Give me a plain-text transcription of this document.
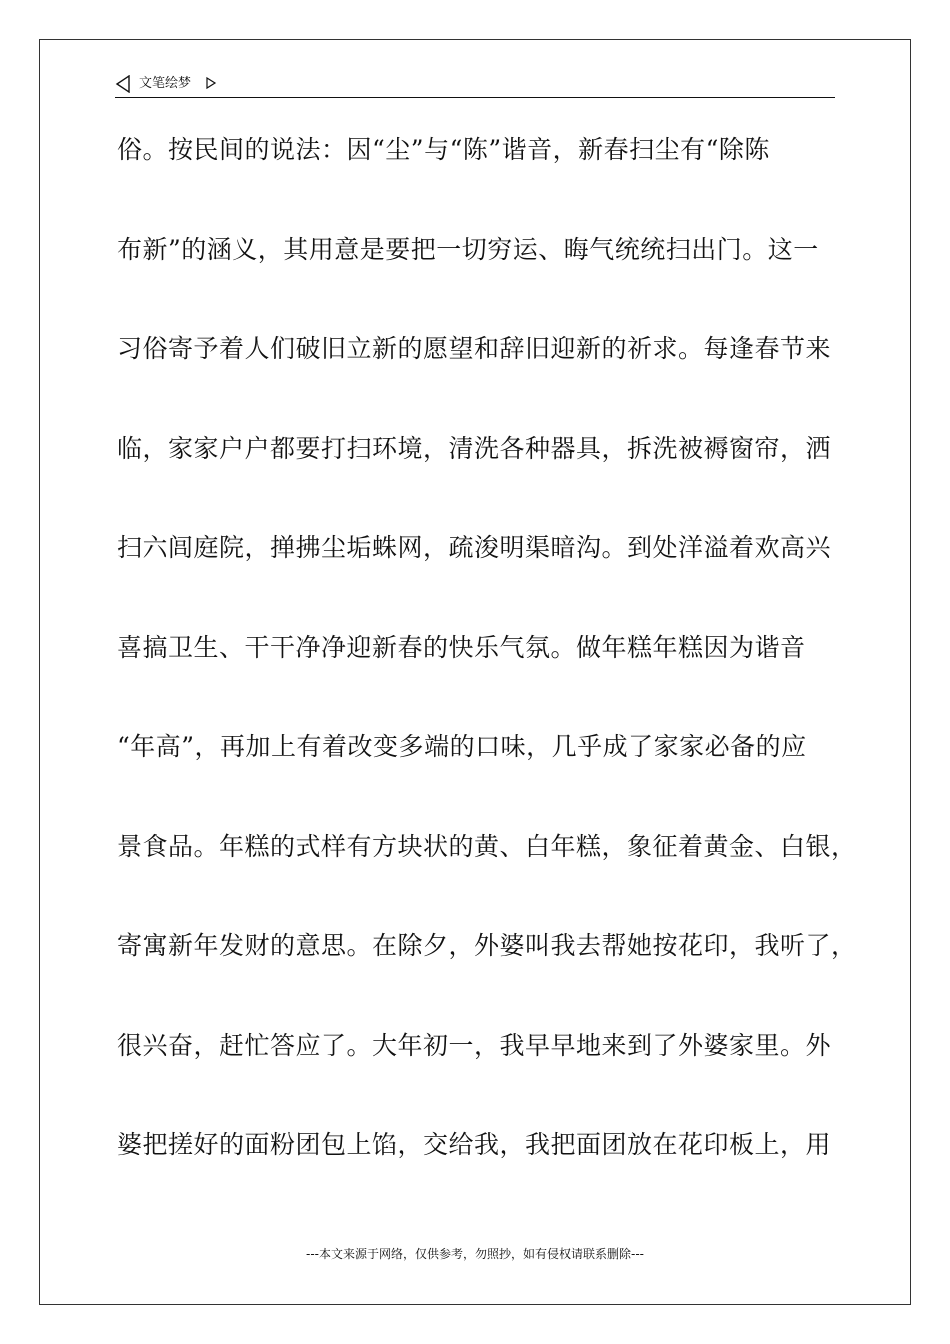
文笔绘梦
俗。按民间的说法：因“尘”与“陈”谐音，新春扫尘有“除陈
布新”的涵义，其用意是要把一切穷运、晦气统统扫出门。这一
习俗寄予着人们破旧立新的愿望和辞旧迎新的祈求。每逢春节来
临，家家户户都要打扫环境，清洗各种器具，拆洗被褥窗帘，洒
扫六闾庭院，掸拂尘垢蛛网，疏浚明渠暗沟。到处洋溢着欢高兴
喜搞卫生、干干净净迎新春的快乐气氛。做年糕年糕因为谐音
“年高”，再加上有着改变多端的口味，几乎成了家家必备的应
景食品。年糕的式样有方块状的黄、白年糕，象征着黄金、白银，
寄寓新年发财的意思。在除夕，外婆叫我去帮她按花印，我听了，
很兴奋，赶忙答应了。大年初一，我早早地来到了外婆家里。外
婆把搓好的面粉团包上馅，交给我，我把面团放在花印板上，用
---本文来源于网络，仅供参考，勿照抄，如有侵权请联系删除---
